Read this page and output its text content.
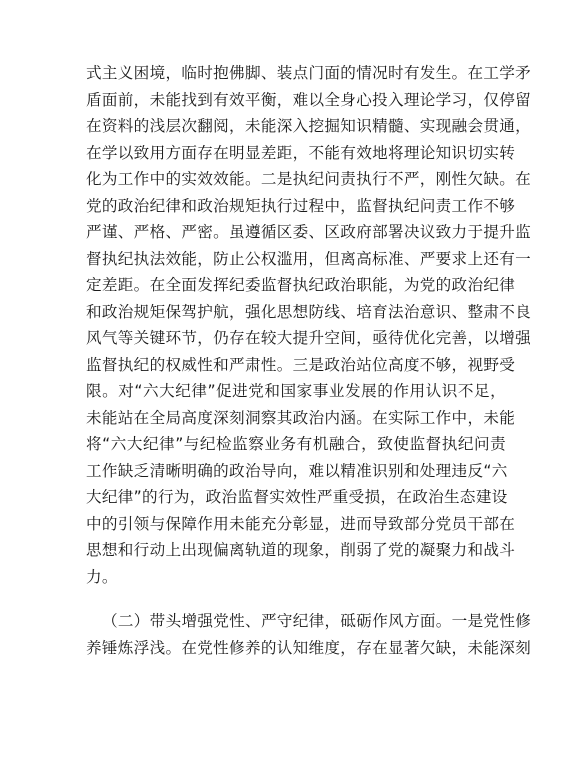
式主义困境，临时抱佛脚、装点门面的情况时有发生。在工学矛
盾面前，未能找到有效平衡，难以全身心投入理论学习，仅停留
在资料的浅层次翻阅，未能深入挖掘知识精髓、实现融会贯通，
在学以致用方面存在明显差距，不能有效地将理论知识切实转
化为工作中的实效效能。二是执纪问责执行不严，刚性欠缺。在
党的政治纪律和政治规矩执行过程中，监督执纪问责工作不够
严谨、严格、严密。虽遵循区委、区政府部署决议致力于提升监
督执纪执法效能，防止公权滥用，但离高标准、严要求上还有一
定差距。在全面发挥纪委监督执纪政治职能，为党的政治纪律
和政治规矩保驾护航，强化思想防线、培育法治意识、整肃不良
风气等关键环节，仍存在较大提升空间，亟待优化完善，以增强
监督执纪的权威性和严肃性。三是政治站位高度不够，视野受
限。对“六大纪律”促进党和国家事业发展的作用认识不足，
未能站在全局高度深刻洞察其政治内涵。在实际工作中，未能
将“六大纪律”与纪检监察业务有机融合，致使监督执纪问责
工作缺乏清晰明确的政治导向，难以精准识别和处理违反“六
大纪律”的行为，政治监督实效性严重受损，在政治生态建设
中的引领与保障作用未能充分彰显，进而导致部分党员干部在
思想和行动上出现偏离轨道的现象，削弱了党的凝聚力和战斗
力。
（二）带头增强党性、严守纪律，砥砺作风方面。一是党性修
养锤炼浮浅。在党性修养的认知维度，存在显著欠缺，未能深刻
